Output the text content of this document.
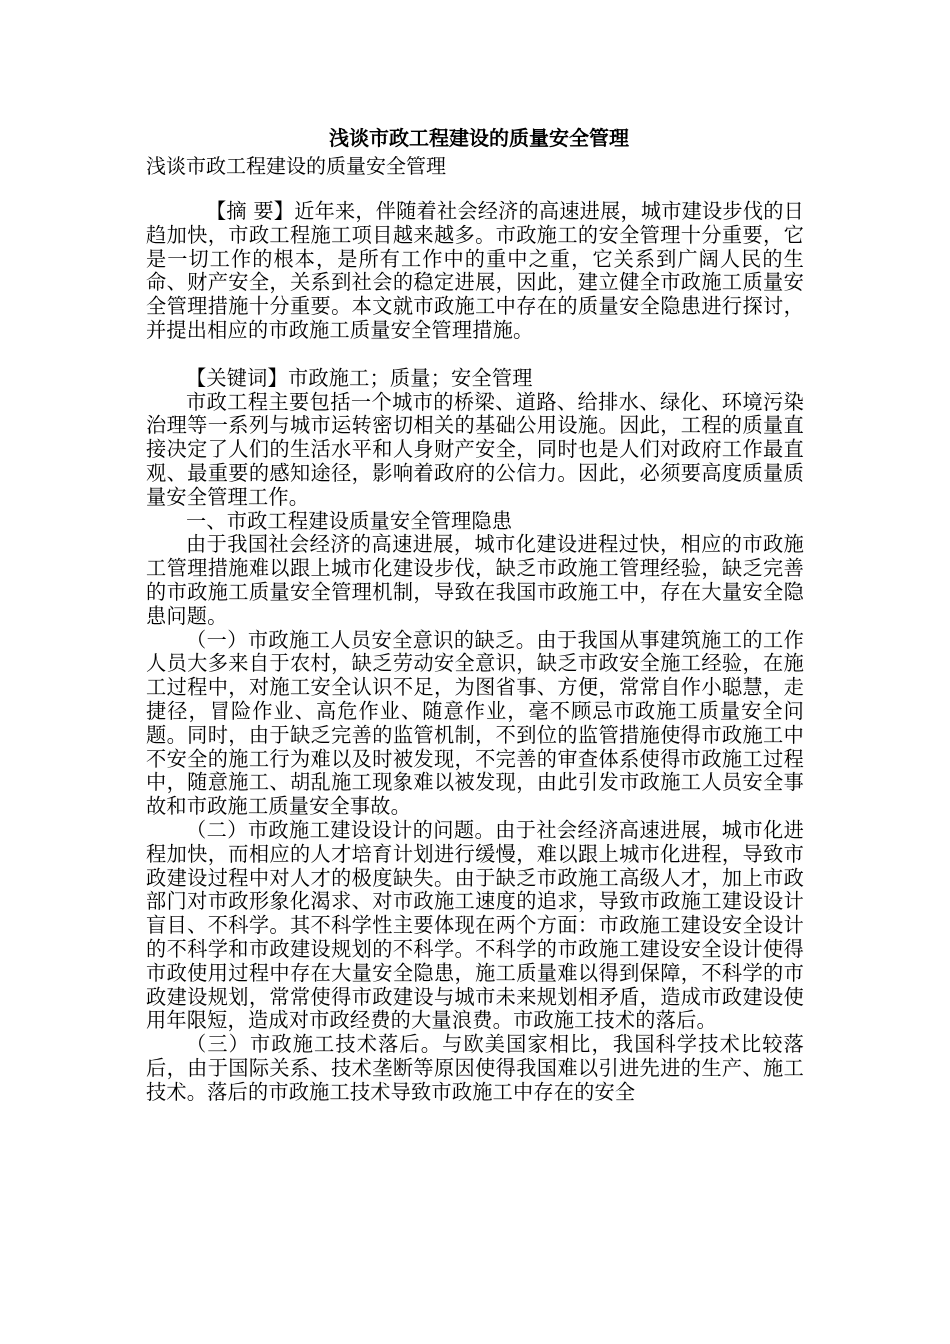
浅谈市政工程建设的质量安全管理

浅谈市政工程建设的质量安全管理

【摘 要】近年来，伴随着社会经济的高速进展，城市建设步伐的日趋加快，市政工程施工项目越来越多。市政施工的安全管理十分重要，它是一切工作的根本，是所有工作中的重中之重，它关系到广阔人民的生命、财产安全，关系到社会的稳定进展，因此，建立健全市政施工质量安全管理措施十分重要。本文就市政施工中存在的质量安全隐患进行探讨，并提出相应的市政施工质量安全管理措施。

【关键词】市政施工；质量；安全管理

市政工程主要包括一个城市的桥梁、道路、给排水、绿化、环境污染治理等一系列与城市运转密切相关的基础公用设施。因此，工程的质量直接决定了人们的生活水平和人身财产安全，同时也是人们对政府工作最直观、最重要的感知途径，影响着政府的公信力。因此，必须要高度质量质量安全管理工作。

一、市政工程建设质量安全管理隐患

由于我国社会经济的高速进展，城市化建设进程过快，相应的市政施工管理措施难以跟上城市化建设步伐，缺乏市政施工管理经验，缺乏完善的市政施工质量安全管理机制，导致在我国市政施工中，存在大量安全隐患问题。

（一）市政施工人员安全意识的缺乏。由于我国从事建筑施工的工作人员大多来自于农村，缺乏劳动安全意识，缺乏市政安全施工经验，在施工过程中，对施工安全认识不足，为图省事、方便，常常自作小聪慧，走捷径，冒险作业、高危作业、随意作业，毫不顾忌市政施工质量安全问题。同时，由于缺乏完善的监管机制，不到位的监管措施使得市政施工中不安全的施工行为难以及时被发现，不完善的审查体系使得市政施工过程中，随意施工、胡乱施工现象难以被发现，由此引发市政施工人员安全事故和市政施工质量安全事故。

（二）市政施工建设设计的问题。由于社会经济高速进展，城市化进程加快，而相应的人才培育计划进行缓慢，难以跟上城市化进程，导致市政建设过程中对人才的极度缺失。由于缺乏市政施工高级人才，加上市政部门对市政形象化渴求、对市政施工速度的追求，导致市政施工建设设计盲目、不科学。其不科学性主要体现在两个方面：市政施工建设安全设计的不科学和市政建设规划的不科学。不科学的市政施工建设安全设计使得市政使用过程中存在大量安全隐患，施工质量难以得到保障，不科学的市政建设规划，常常使得市政建设与城市未来规划相矛盾，造成市政建设使用年限短，造成对市政经费的大量浪费。市政施工技术的落后。

（三）市政施工技术落后。与欧美国家相比，我国科学技术比较落后，由于国际关系、技术垄断等原因使得我国难以引进先进的生产、施工技术。落后的市政施工技术导致市政施工中存在的安全
